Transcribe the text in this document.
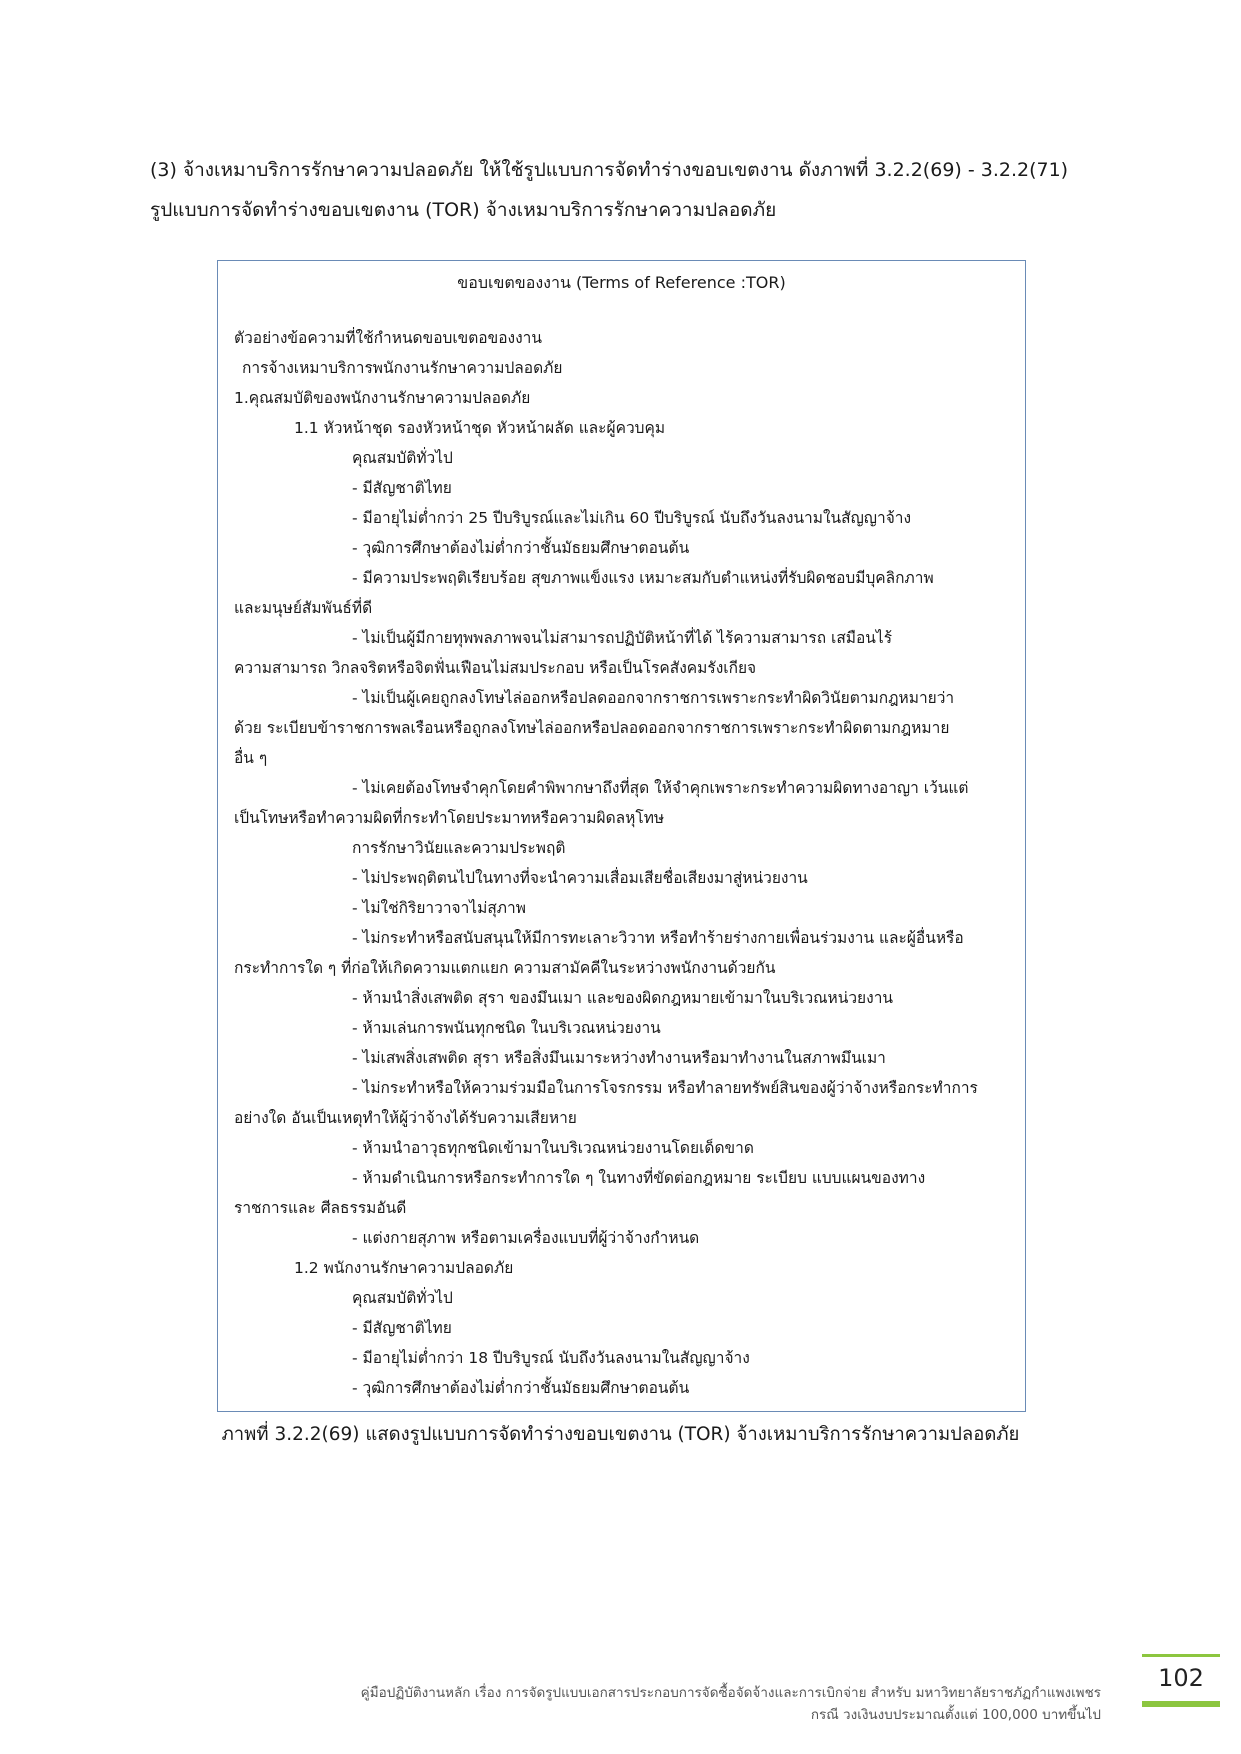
(3) จ้างเหมาบริการรักษาความปลอดภัย ให้ใช้รูปแบบการจัดทำร่างขอบเขตงาน ดังภาพที่ 3.2.2(69) - 3.2.2(71)
รูปแบบการจัดทำร่างขอบเขตงาน (TOR) จ้างเหมาบริการรักษาความปลอดภัย
ขอบเขตของงาน (Terms of Reference :TOR)
ตัวอย่างข้อความที่ใช้กำหนดขอบเขตอของงาน
การจ้างเหมาบริการพนักงานรักษาความปลอดภัย
1.คุณสมบัติของพนักงานรักษาความปลอดภัย
1.1 หัวหน้าชุด รองหัวหน้าชุด หัวหน้าผลัด และผู้ควบคุม
คุณสมบัติทั่วไป
- มีสัญชาติไทย
- มีอายุไม่ต่ำกว่า 25 ปีบริบูรณ์และไม่เกิน 60 ปีบริบูรณ์ นับถึงวันลงนามในสัญญาจ้าง
- วุฒิการศึกษาต้องไม่ต่ำกว่าชั้นมัธยมศึกษาตอนต้น
- มีความประพฤติเรียบร้อย สุขภาพแข็งแรง เหมาะสมกับตำแหน่งที่รับผิดชอบมีบุคลิกภาพ
และมนุษย์สัมพันธ์ที่ดี
- ไม่เป็นผู้มีกายทุพพลภาพจนไม่สามารถปฏิบัติหน้าที่ได้ ไร้ความสามารถ เสมือนไร้
ความสามารถ วิกลจริตหรือจิตฟั่นเฟือนไม่สมประกอบ หรือเป็นโรคสังคมรังเกียจ
- ไม่เป็นผู้เคยถูกลงโทษไล่ออกหรือปลดออกจากราชการเพราะกระทำผิดวินัยตามกฎหมายว่า
ด้วย ระเบียบข้าราชการพลเรือนหรือถูกลงโทษไล่ออกหรือปลอดออกจากราชการเพราะกระทำผิดตามกฎหมาย
อื่น ๆ
- ไม่เคยต้องโทษจำคุกโดยคำพิพากษาถึงที่สุด ให้จำคุกเพราะกระทำความผิดทางอาญา เว้นแต่
เป็นโทษหรือทำความผิดที่กระทำโดยประมาทหรือความผิดลหุโทษ
การรักษาวินัยและความประพฤติ
- ไม่ประพฤติตนไปในทางที่จะนำความเสื่อมเสียชื่อเสียงมาสู่หน่วยงาน
- ไม่ใช่กิริยาวาจาไม่สุภาพ
- ไม่กระทำหรือสนับสนุนให้มีการทะเลาะวิวาท หรือทำร้ายร่างกายเพื่อนร่วมงาน และผู้อื่นหรือ
กระทำการใด ๆ ที่ก่อให้เกิดความแตกแยก ความสามัคคีในระหว่างพนักงานด้วยกัน
- ห้ามนำสิ่งเสพติด สุรา ของมึนเมา และของผิดกฎหมายเข้ามาในบริเวณหน่วยงาน
- ห้ามเล่นการพนันทุกชนิด ในบริเวณหน่วยงาน
- ไม่เสพสิ่งเสพติด สุรา หรือสิ่งมึนเมาระหว่างทำงานหรือมาทำงานในสภาพมึนเมา
- ไม่กระทำหรือให้ความร่วมมือในการโจรกรรม หรือทำลายทรัพย์สินของผู้ว่าจ้างหรือกระทำการ
อย่างใด อันเป็นเหตุทำให้ผู้ว่าจ้างได้รับความเสียหาย
- ห้ามนำอาวุธทุกชนิดเข้ามาในบริเวณหน่วยงานโดยเด็ดขาด
- ห้ามดำเนินการหรือกระทำการใด ๆ ในทางที่ขัดต่อกฎหมาย ระเบียบ แบบแผนของทาง
ราชการและ ศีลธรรมอันดี
- แต่งกายสุภาพ หรือตามเครื่องแบบที่ผู้ว่าจ้างกำหนด
1.2 พนักงานรักษาความปลอดภัย
คุณสมบัติทั่วไป
- มีสัญชาติไทย
- มีอายุไม่ต่ำกว่า 18 ปีบริบูรณ์ นับถึงวันลงนามในสัญญาจ้าง
- วุฒิการศึกษาต้องไม่ต่ำกว่าชั้นมัธยมศึกษาตอนต้น
ภาพที่ 3.2.2(69) แสดงรูปแบบการจัดทำร่างขอบเขตงาน (TOR) จ้างเหมาบริการรักษาความปลอดภัย
คู่มือปฏิบัติงานหลัก เรื่อง การจัดรูปแบบเอกสารประกอบการจัดซื้อจัดจ้างและการเบิกจ่าย สำหรับ มหาวิทยาลัยราชภัฏกำแพงเพชร
กรณี วงเงินงบประมาณตั้งแต่ 100,000 บาทขึ้นไป
102
